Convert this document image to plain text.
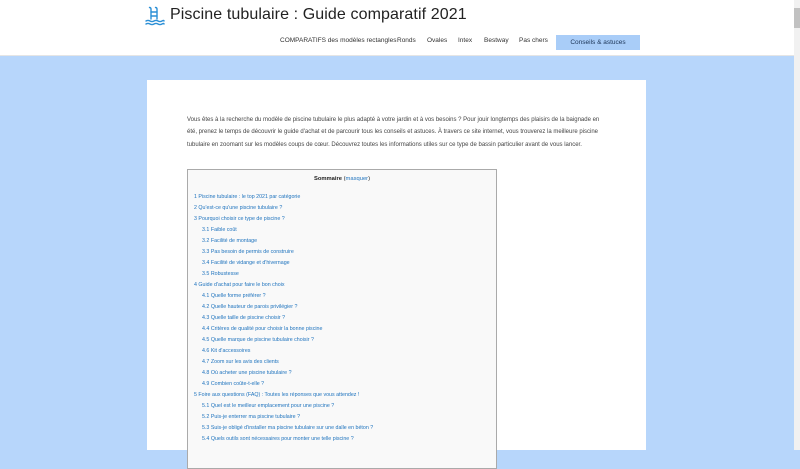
Piscine tubulaire : Guide comparatif 2021
COMPARATIFS des modèles rectangles Ronds Ovales Intex Bestway Pas chers	Conseils & astuces

Vous êtes à la recherche du modèle de piscine tubulaire le plus adapté à votre jardin et à vos besoins ? Pour jouir longtemps des plaisirs de la baignade en été, prenez le temps de découvrir le guide d'achat et de parcourir tous les conseils et astuces. À travers ce site internet, vous trouverez la meilleure piscine tubulaire en zoomant sur les modèles coups de cœur. Découvrez toutes les informations utiles sur ce type de bassin particulier avant de vous lancer.

Sommaire (masquer)
1 Piscine tubulaire : le top 2021 par catégorie
2 Qu'est-ce qu'une piscine tubulaire ?
3 Pourquoi choisir ce type de piscine ?
3.1 Faible coût
3.2 Facilité de montage
3.3 Pas besoin de permis de construire
3.4 Facilité de vidange et d'hivernage
3.5 Robustesse
4 Guide d'achat pour faire le bon choix
4.1 Quelle forme préférer ?
4.2 Quelle hauteur de parois privilégier ?
4.3 Quelle taille de piscine choisir ?
4.4 Critères de qualité pour choisir la bonne piscine
4.5 Quelle marque de piscine tubulaire choisir ?
4.6 Kit d'accessoires
4.7 Zoom sur les avis des clients
4.8 Où acheter une piscine tubulaire ?
4.9 Combien coûte-t-elle ?
5 Foire aux questions (FAQ) : Toutes les réponses que vous attendez !
5.1 Quel est le meilleur emplacement pour une piscine ?
5.2 Puis-je enterrer ma piscine tubulaire ?
5.3 Suis-je obligé d'installer ma piscine tubulaire sur une dalle en béton ?
5.4 Quels outils sont nécessaires pour monter une telle piscine ?
